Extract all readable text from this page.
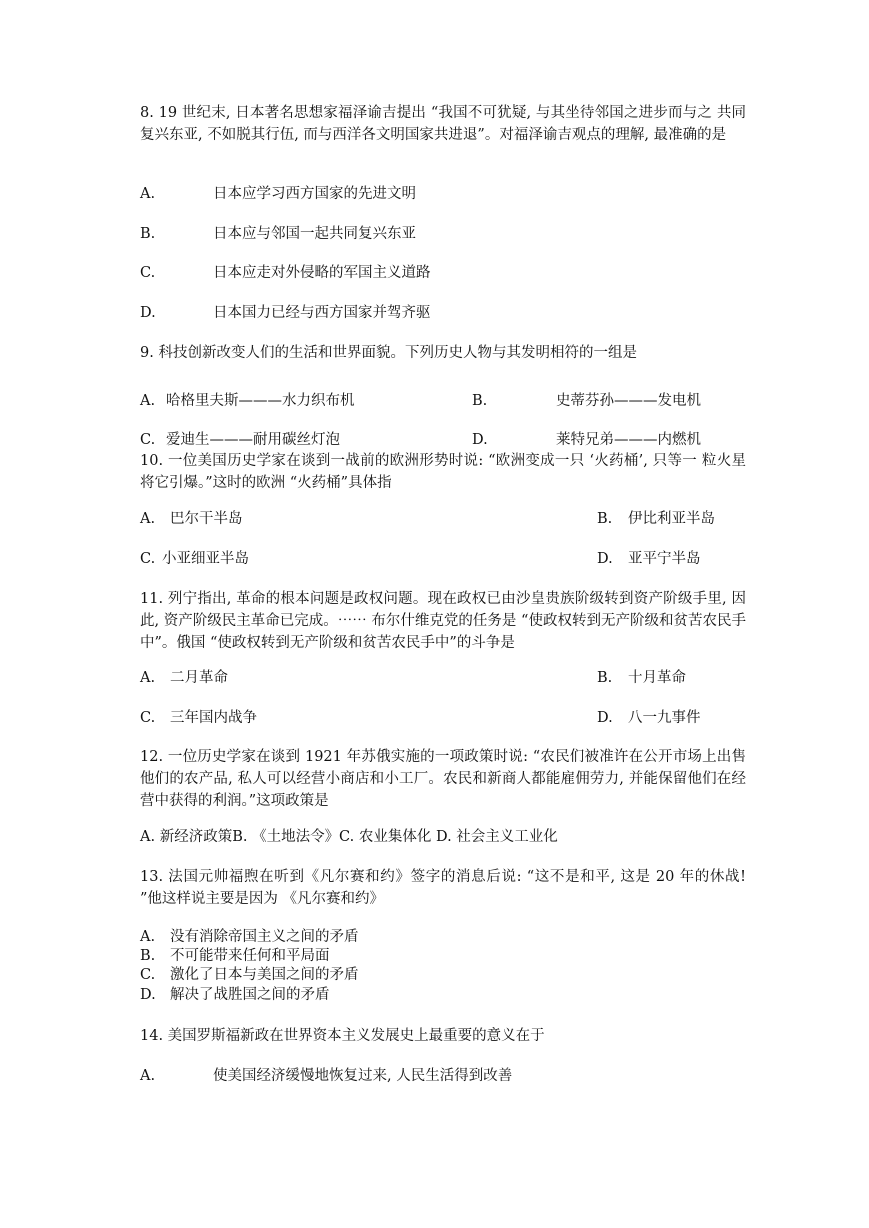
8. 19 世纪末, 日本著名思想家福泽谕吉提出 “我国不可犹疑, 与其坐待邻国之进步而与之 共同复兴东亚, 不如脱其行伍, 而与西洋各文明国家共进退”。对福泽谕吉观点的理解, 最准确的是

A.	日本应学习西方国家的先进文明
B.	日本应与邻国一起共同复兴东亚
C.	日本应走对外侵略的军国主义道路
D.	日本国力已经与西方国家并驾齐驱
9. 科技创新改变人们的生活和世界面貌。下列历史人物与其发明相符的一组是
A. 哈格里夫斯———水力织布机	B.	史蒂芬孙———发电机
C. 爱迪生———耐用碳丝灯泡	D.	莱特兄弟———内燃机

10. 一位美国历史学家在谈到一战前的欧洲形势时说: “欧洲变成一只 ‘火药桶’, 只等一 粒火星将它引爆。”这时的欧洲 “火药桶”具体指

A. 巴尔干半岛	B. 伊比利亚半岛
C. 小亚细亚半岛	D. 亚平宁半岛

11. 列宁指出, 革命的根本问题是政权问题。现在政权已由沙皇贵族阶级转到资产阶级手里, 因此, 资产阶级民主革命已完成。⋯⋯ 布尔什维克党的任务是 “使政权转到无产阶级和贫苦农民手中”。俄国 “使政权转到无产阶级和贫苦农民手中”的斗争是

A. 二月革命	B. 十月革命
C. 三年国内战争	D. 八一九事件

12. 一位历史学家在谈到 1921 年苏俄实施的一项政策时说: “农民们被准许在公开市场上出售他们的农产品, 私人可以经营小商店和小工厂。农民和新商人都能雇佣劳力, 并能保留他们在经营中获得的利润。”这项政策是

A. 新经济政策B. 《土地法令》C. 农业集体化 D. 社会主义工业化

13. 法国元帅福煦在听到《凡尔赛和约》签字的消息后说: “这不是和平, 这是 20 年的休战! ”他这样说主要是因为 《凡尔赛和约》

A. 没有消除帝国主义之间的矛盾
B. 不可能带来任何和平局面
C. 激化了日本与美国之间的矛盾
D. 解决了战胜国之间的矛盾
14. 美国罗斯福新政在世界资本主义发展史上最重要的意义在于
A.	使美国经济缓慢地恢复过来, 人民生活得到改善
